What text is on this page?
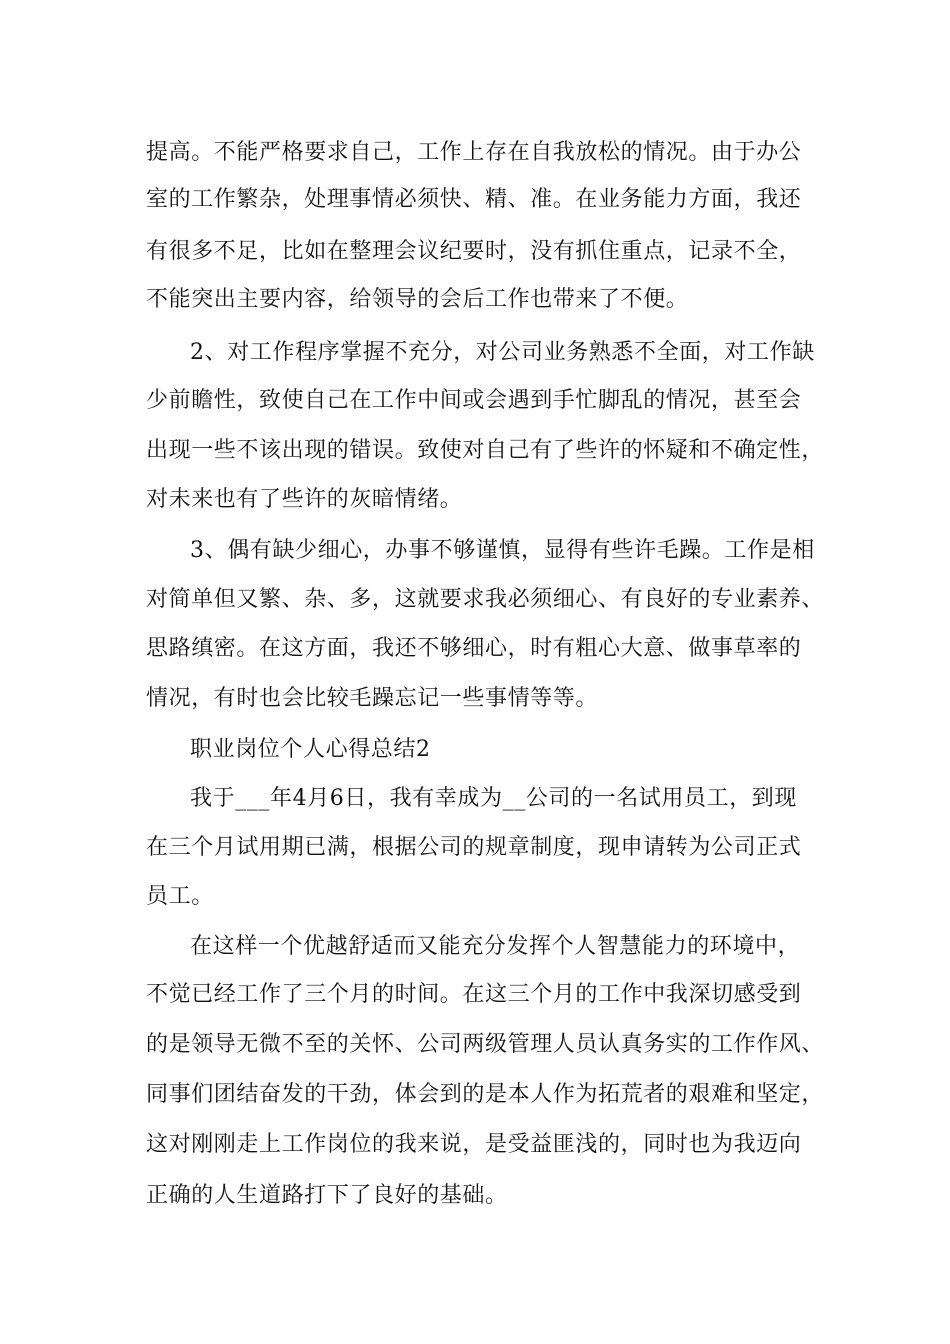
提高。不能严格要求自己，工作上存在自我放松的情况。由于办公
室的工作繁杂，处理事情必须快、精、准。在业务能力方面，我还
有很多不足，比如在整理会议纪要时，没有抓住重点，记录不全，
不能突出主要内容，给领导的会后工作也带来了不便。
2、对工作程序掌握不充分，对公司业务熟悉不全面，对工作缺
少前瞻性，致使自己在工作中间或会遇到手忙脚乱的情况，甚至会
出现一些不该出现的错误。致使对自己有了些许的怀疑和不确定性，
对未来也有了些许的灰暗情绪。
3、偶有缺少细心，办事不够谨慎，显得有些许毛躁。工作是相
对简单但又繁、杂、多，这就要求我必须细心、有良好的专业素养、
思路缜密。在这方面，我还不够细心，时有粗心大意、做事草率的
情况，有时也会比较毛躁忘记一些事情等等。
职业岗位个人心得总结2
我于___年4月6日，我有幸成为__公司的一名试用员工，到现
在三个月试用期已满，根据公司的规章制度，现申请转为公司正式
员工。
在这样一个优越舒适而又能充分发挥个人智慧能力的环境中，
不觉已经工作了三个月的时间。在这三个月的工作中我深切感受到
的是领导无微不至的关怀、公司两级管理人员认真务实的工作作风、
同事们团结奋发的干劲，体会到的是本人作为拓荒者的艰难和坚定，
这对刚刚走上工作岗位的我来说，是受益匪浅的，同时也为我迈向
正确的人生道路打下了良好的基础。
